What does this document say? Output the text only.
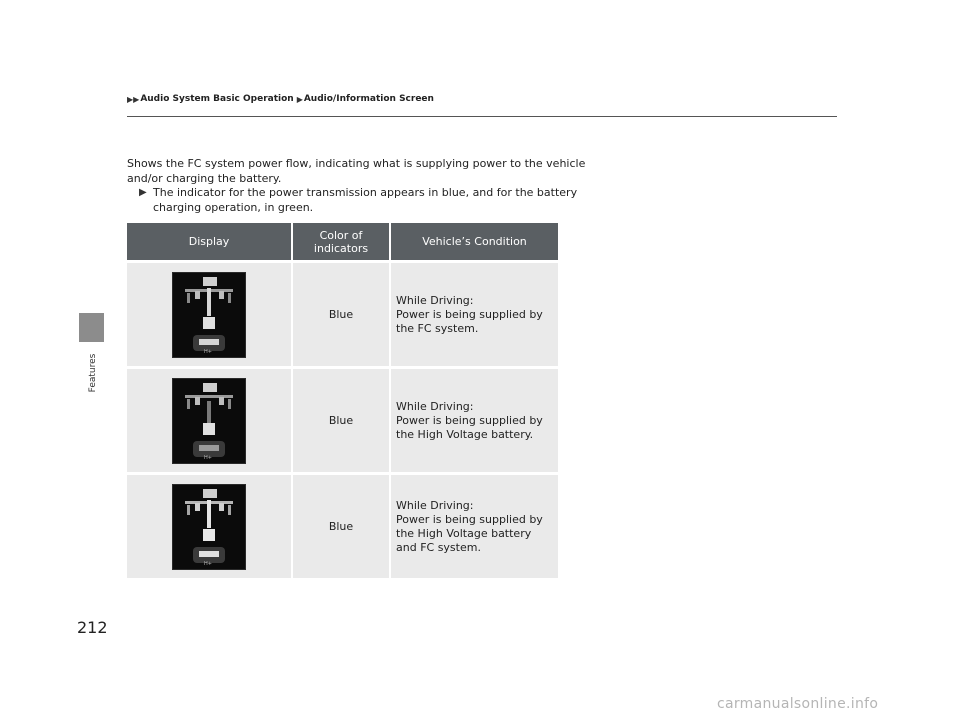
Features
▶▶ Audio System Basic Operation ▶ Audio/Information Screen
Shows the FC system power flow, indicating what is supplying power to the vehicle and/or charging the battery.
▶ The indicator for the power transmission appears in blue, and for the battery charging operation, in green.
Display	Color of indicators	Vehicle’s Condition
H+
Blue
While Driving:
Power is being supplied by the FC system.
H+
Blue
While Driving:
Power is being supplied by the High Voltage battery.
H+
Blue
While Driving:
Power is being supplied by the High Voltage battery and FC system.
212
carmanualsonline.info
